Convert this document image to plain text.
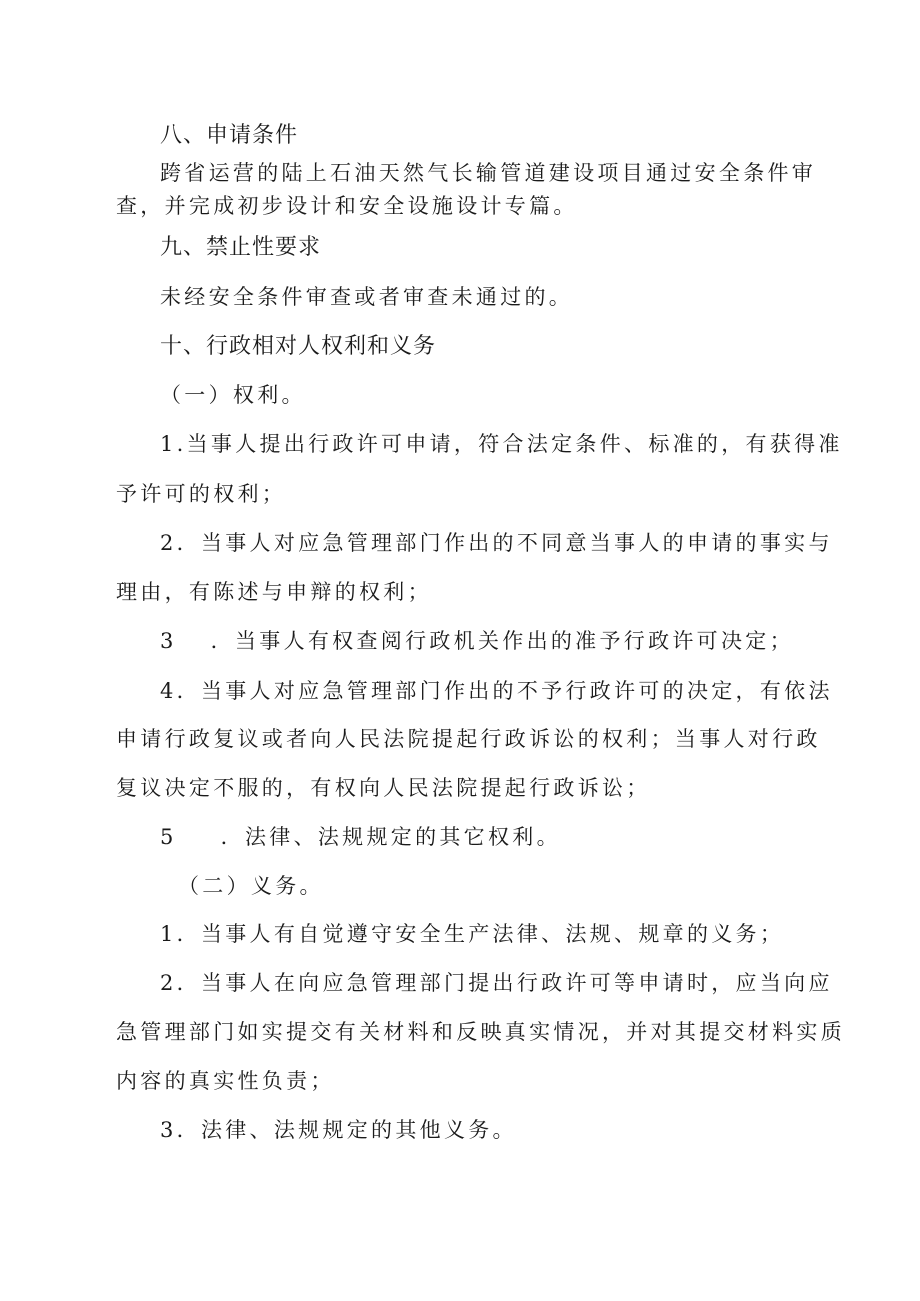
八、申请条件
跨省运营的陆上石油天然气长输管道建设项目通过安全条件审
查，并完成初步设计和安全设施设计专篇。
九、禁止性要求
未经安全条件审查或者审查未通过的。
十、行政相对人权利和义务
（一）权利。
1.当事人提出行政许可申请，符合法定条件、标准的，有获得准
予许可的权利；
2．当事人对应急管理部门作出的不同意当事人的申请的事实与
理由，有陈述与申辩的权利；
3 ．当事人有权查阅行政机关作出的准予行政许可决定；
4．当事人对应急管理部门作出的不予行政许可的决定，有依法
申请行政复议或者向人民法院提起行政诉讼的权利；当事人对行政
复议决定不服的，有权向人民法院提起行政诉讼；
5 ．法律、法规规定的其它权利。
（二）义务。
1．当事人有自觉遵守安全生产法律、法规、规章的义务；
2．当事人在向应急管理部门提出行政许可等申请时，应当向应
急管理部门如实提交有关材料和反映真实情况，并对其提交材料实质
内容的真实性负责；
3．法律、法规规定的其他义务。
